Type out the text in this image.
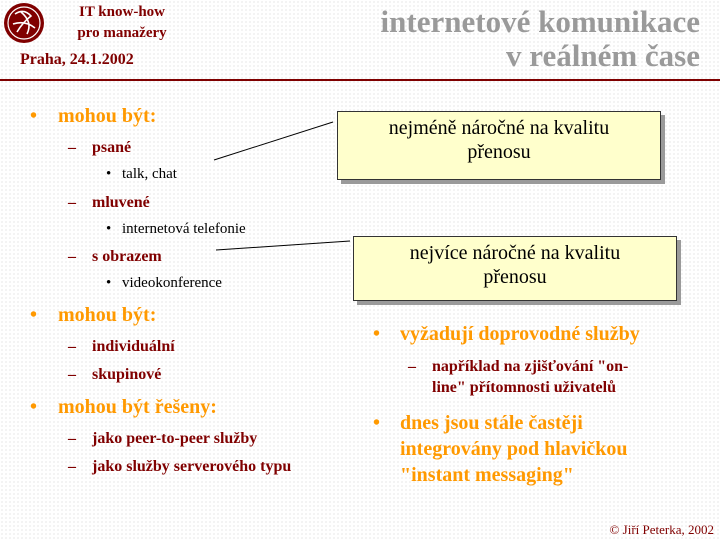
IT know-how
pro manažery
Praha, 24.1.2002
internetové komunikace
v reálném čase
• mohou být:
– psané
• talk, chat
– mluvené
• internetová telefonie
– s obrazem
• videokonference
• mohou být:
– individuální
– skupinové
• mohou být řešeny:
– jako peer-to-peer služby
– jako služby serverového typu
nejméně náročné na kvalitu
přenosu
nejvíce náročné na kvalitu
přenosu
• vyžadují doprovodné služby
– například na zjišťování "on-
line" přítomnosti uživatelů
• dnes jsou stále častěji
integrovány pod hlavičkou
"instant messaging"
© Jiří Peterka, 2002
